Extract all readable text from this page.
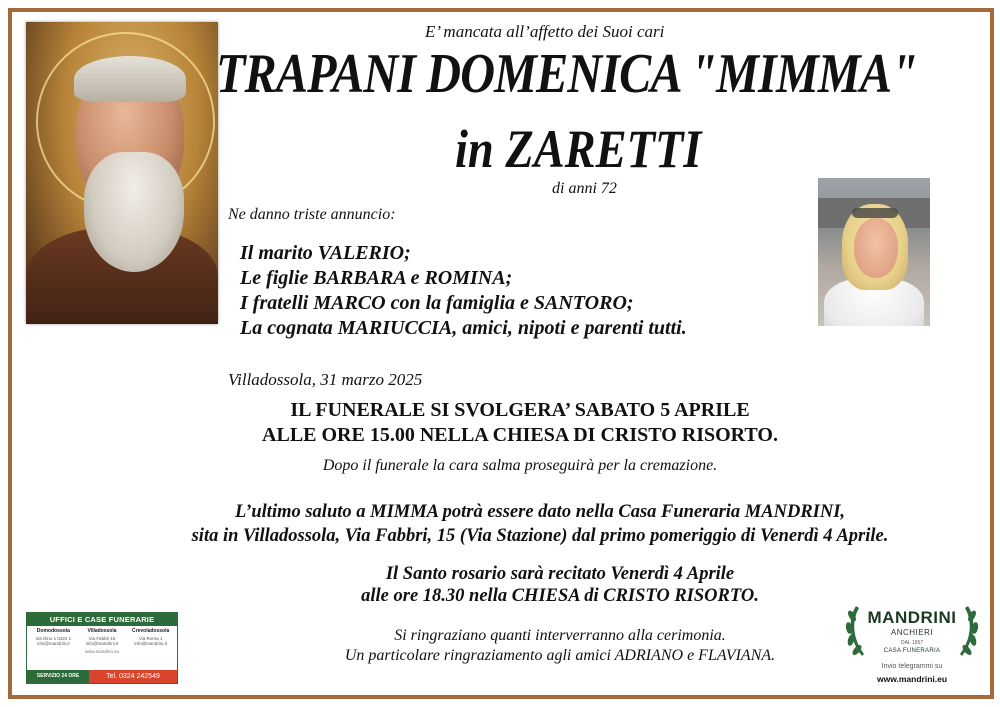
E’ mancata all’affetto dei Suoi cari
TRAPANI DOMENICA "MIMMA"
in ZARETTI
di anni 72
Ne danno triste annuncio:
Il marito VALERIO;
Le figlie BARBARA e ROMINA;
I fratelli MARCO con la famiglia e SANTORO;
La cognata MARIUCCIA, amici, nipoti e parenti tutti.
Villadossola, 31 marzo 2025
IL FUNERALE SI SVOLGERA’ SABATO 5 APRILE
ALLE ORE 15.00 NELLA CHIESA DI CRISTO RISORTO.
Dopo il funerale la cara salma proseguirà per la cremazione.
L’ultimo saluto a MIMMA potrà essere dato nella Casa Funeraria MANDRINI,
sita in Villadossola, Via Fabbri, 15 (Via Stazione) dal primo pomeriggio di Venerdì 4 Aprile.
Il Santo rosario sarà recitato Venerdì 4 Aprile
alle ore 18.30 nella CHIESA di CRISTO RISORTO.
Si ringraziano quanti interverranno alla cerimonia.
Un particolare ringraziamento agli amici ADRIANO e FLAVIANA.
UFFICI E CASE FUNERARIE
Domodossola
Via Dino 1 0324 1
info@mandrini.it
Villadossola
Via Fabbri 15
info@mandrini.it
Crevoladossola
Via Roma 1
info@mandrini.it
www.mandrini.eu
SERVIZIO 24 ORE	Tel. 0324 242549
MANDRINI
ANCHIERI
DAL 1957
CASA FUNERARIA
Invio telegrammi su
www.mandrini.eu
